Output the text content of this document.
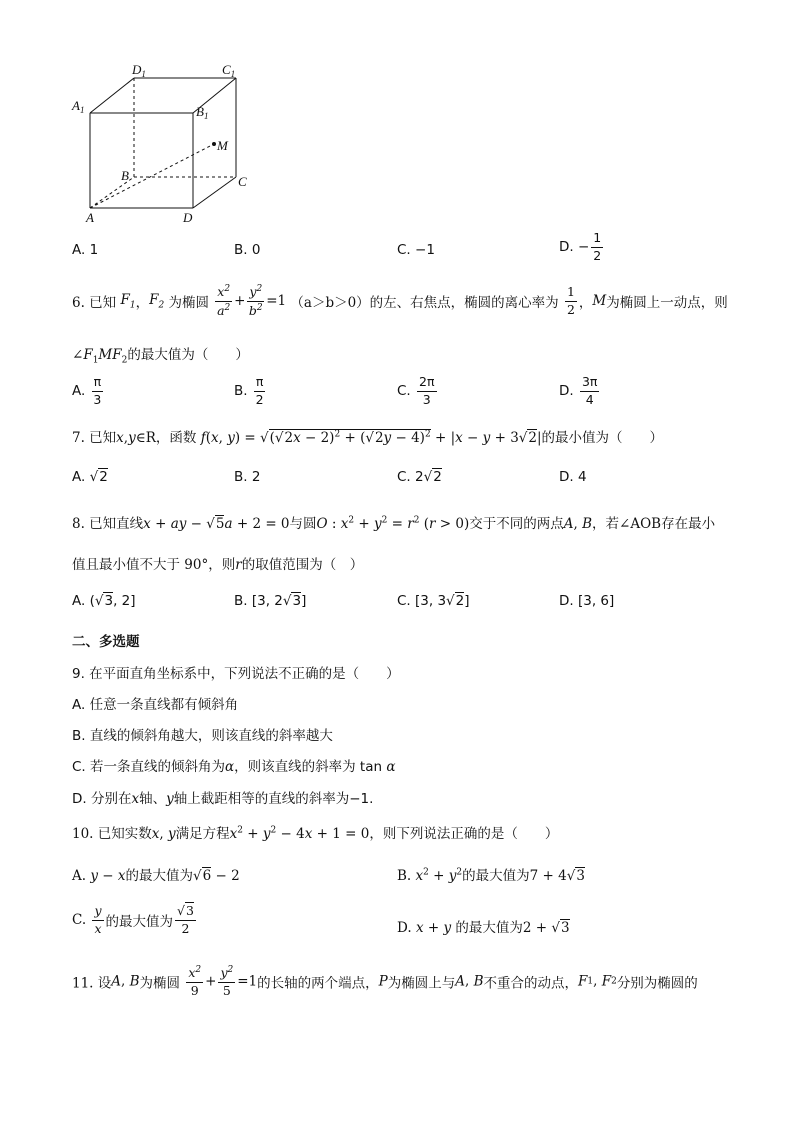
$D_1$	$C_1$
$A_1$	$B_1$
M
B	C
A	D
A. 1	B. 0	C. −1	D. − $\frac{1}{2}$
6. 已知 $F_1$，$F_2$ 为椭圆 $\frac{x^2}{a^2} + \frac{y^2}{b^2} =1$ （a＞b＞0）的左、右焦点，椭圆的离心率为 $\frac{1}{2}$ ，M为椭圆上一动点，则
$\angle F_1MF_2$的最大值为（　　）
A. $\frac{\pi}{3}$	B. $\frac{\pi}{2}$	C. $\frac{2\pi}{3}$	D. $\frac{3\pi}{4}$
7. 已知x,y∈R，函数 f(x, $y) = √(√2x - 2)^2 + (√2y - 4)^2 + |x - y + 3√2|$的最小值为（　　）
A. √2	B. 2	C. 2√2	D. 4
8. 已知直线x + ay − √5a + 2 = 0与圆O : $x^2 + y^2 = r^2$ (r > 0)交于不同的两点A, B，若∠AOB存在最小
值且最小值不大于 90°，则r的取值范围为（　）
A. (√3, 2]	B. [3, 2√3]	C. [3, 3√2]	D. [3, 6]
二、多选题
9. 在平面直角坐标系中，下列说法不正确的是（　　）
A. 任意一条直线都有倾斜角
B. 直线的倾斜角越大，则该直线的斜率越大
C. 若一条直线的倾斜角为α，则该直线的斜率为 tan α
D. 分别在x轴、y轴上截距相等的直线的斜率为−1.
10. 已知实数x, y满足方程$x^2 + y^2 - 4x + 1 = 0$，则下列说法正确的是（　　）
A. y − x的最大值为√6 − 2	B. $x^2 + y^2$的最大值为7 + 4√3
C. $\frac{y}{x}$ 的最大值为 $\frac{√3}{2}$	D. x + y 的最大值为2 + √3
11. 设A, B为椭圆 $\frac{x^2}{9} + \frac{y^2}{5} =1$的长轴的两个端点，P为椭圆上与A, B不重合的动点，F1, F2分别为椭圆的
